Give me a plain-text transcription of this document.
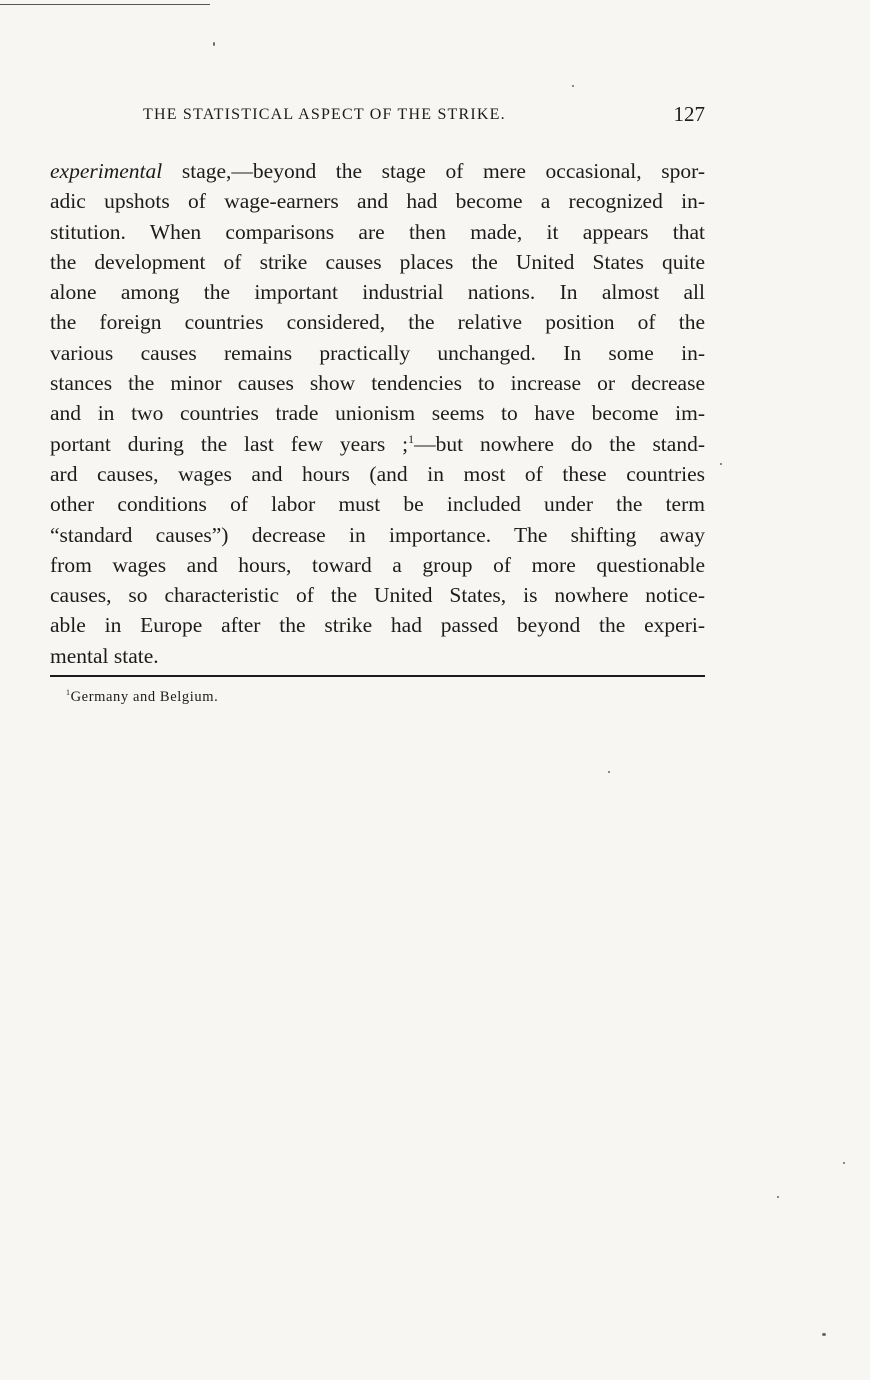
THE STATISTICAL ASPECT OF THE STRIKE.	127
experimental stage,—beyond the stage of mere occasional, spor-
adic upshots of wage-earners and had become a recognized in-
stitution. When comparisons are then made, it appears that
the development of strike causes places the United States quite
alone among the important industrial nations. In almost all
the foreign countries considered, the relative position of the
various causes remains practically unchanged. In some in-
stances the minor causes show tendencies to increase or decrease
and in two countries trade unionism seems to have become im-
portant during the last few years ;$^1$—but nowhere do the stand-
ard causes, wages and hours (and in most of these countries
other conditions of labor must be included under the term
“standard causes”) decrease in importance. The shifting away
from wages and hours, toward a group of more questionable
causes, so characteristic of the United States, is nowhere notice-
able in Europe after the strike had passed beyond the experi-
mental state.
$^1$Germany and Belgium.
